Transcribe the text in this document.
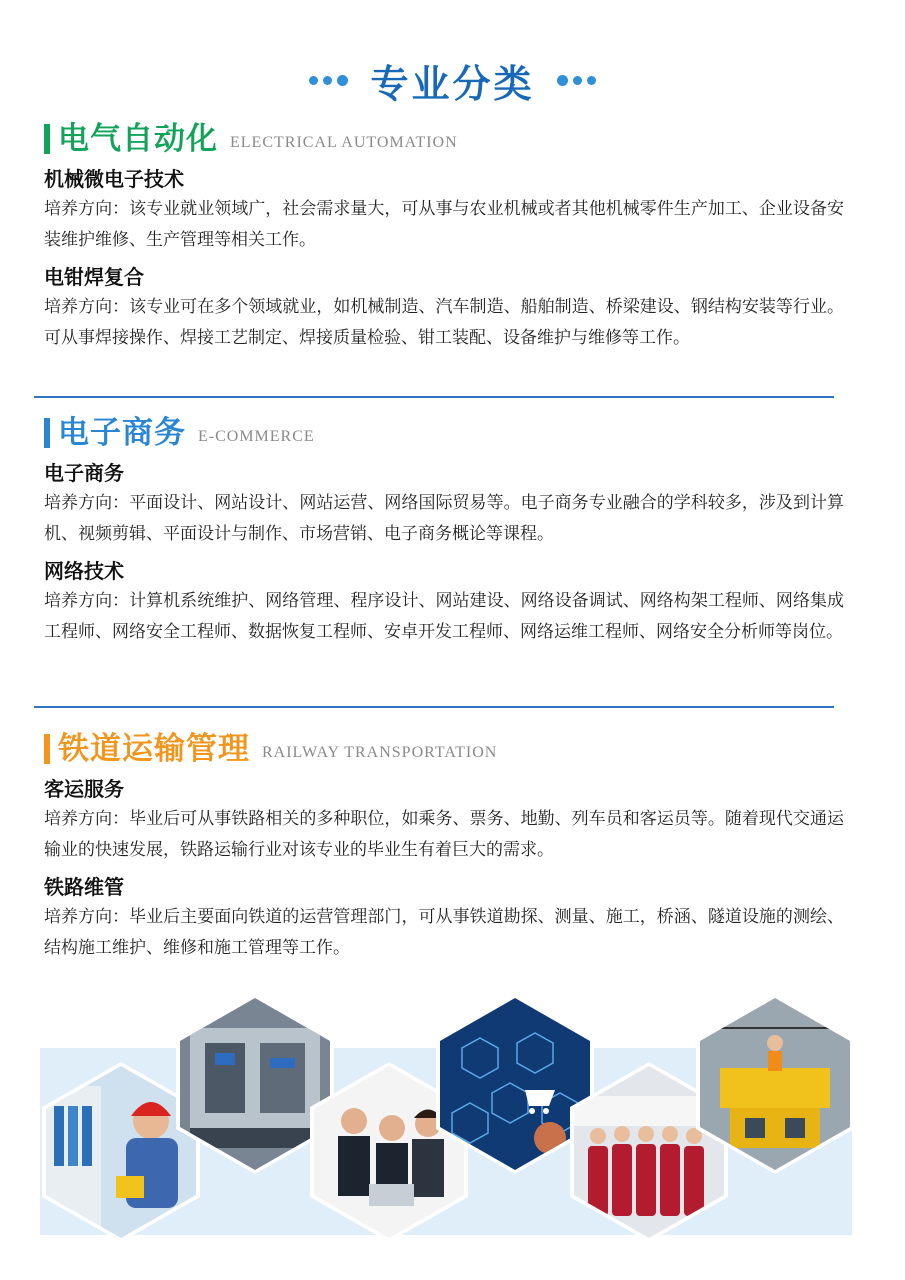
专业分类
电气自动化 ELECTRICAL AUTOMATION
机械微电子技术

培养方向：该专业就业领域广，社会需求量大，可从事与农业机械或者其他机械零件生产加工、企业设备安装维护维修、生产管理等相关工作。

电钳焊复合

培养方向：该专业可在多个领域就业，如机械制造、汽车制造、船舶制造、桥梁建设、钢结构安装等行业。可从事焊接操作、焊接工艺制定、焊接质量检验、钳工装配、设备维护与维修等工作。

电子商务 E-COMMERCE
电子商务

培养方向：平面设计、网站设计、网站运营、网络国际贸易等。电子商务专业融合的学科较多，涉及到计算机、视频剪辑、平面设计与制作、市场营销、电子商务概论等课程。

网络技术

培养方向：计算机系统维护、网络管理、程序设计、网站建设、网络设备调试、网络构架工程师、网络集成工程师、网络安全工程师、数据恢复工程师、安卓开发工程师、网络运维工程师、网络安全分析师等岗位。

铁道运输管理 RAILWAY TRANSPORTATION
客运服务

培养方向：毕业后可从事铁路相关的多种职位，如乘务、票务、地勤、列车员和客运员等。随着现代交通运输业的快速发展，铁路运输行业对该专业的毕业生有着巨大的需求。

铁路维管

培养方向：毕业后主要面向铁道的运营管理部门，可从事铁道勘探、测量、施工，桥涵、隧道设施的测绘、结构施工维护、维修和施工管理等工作。
